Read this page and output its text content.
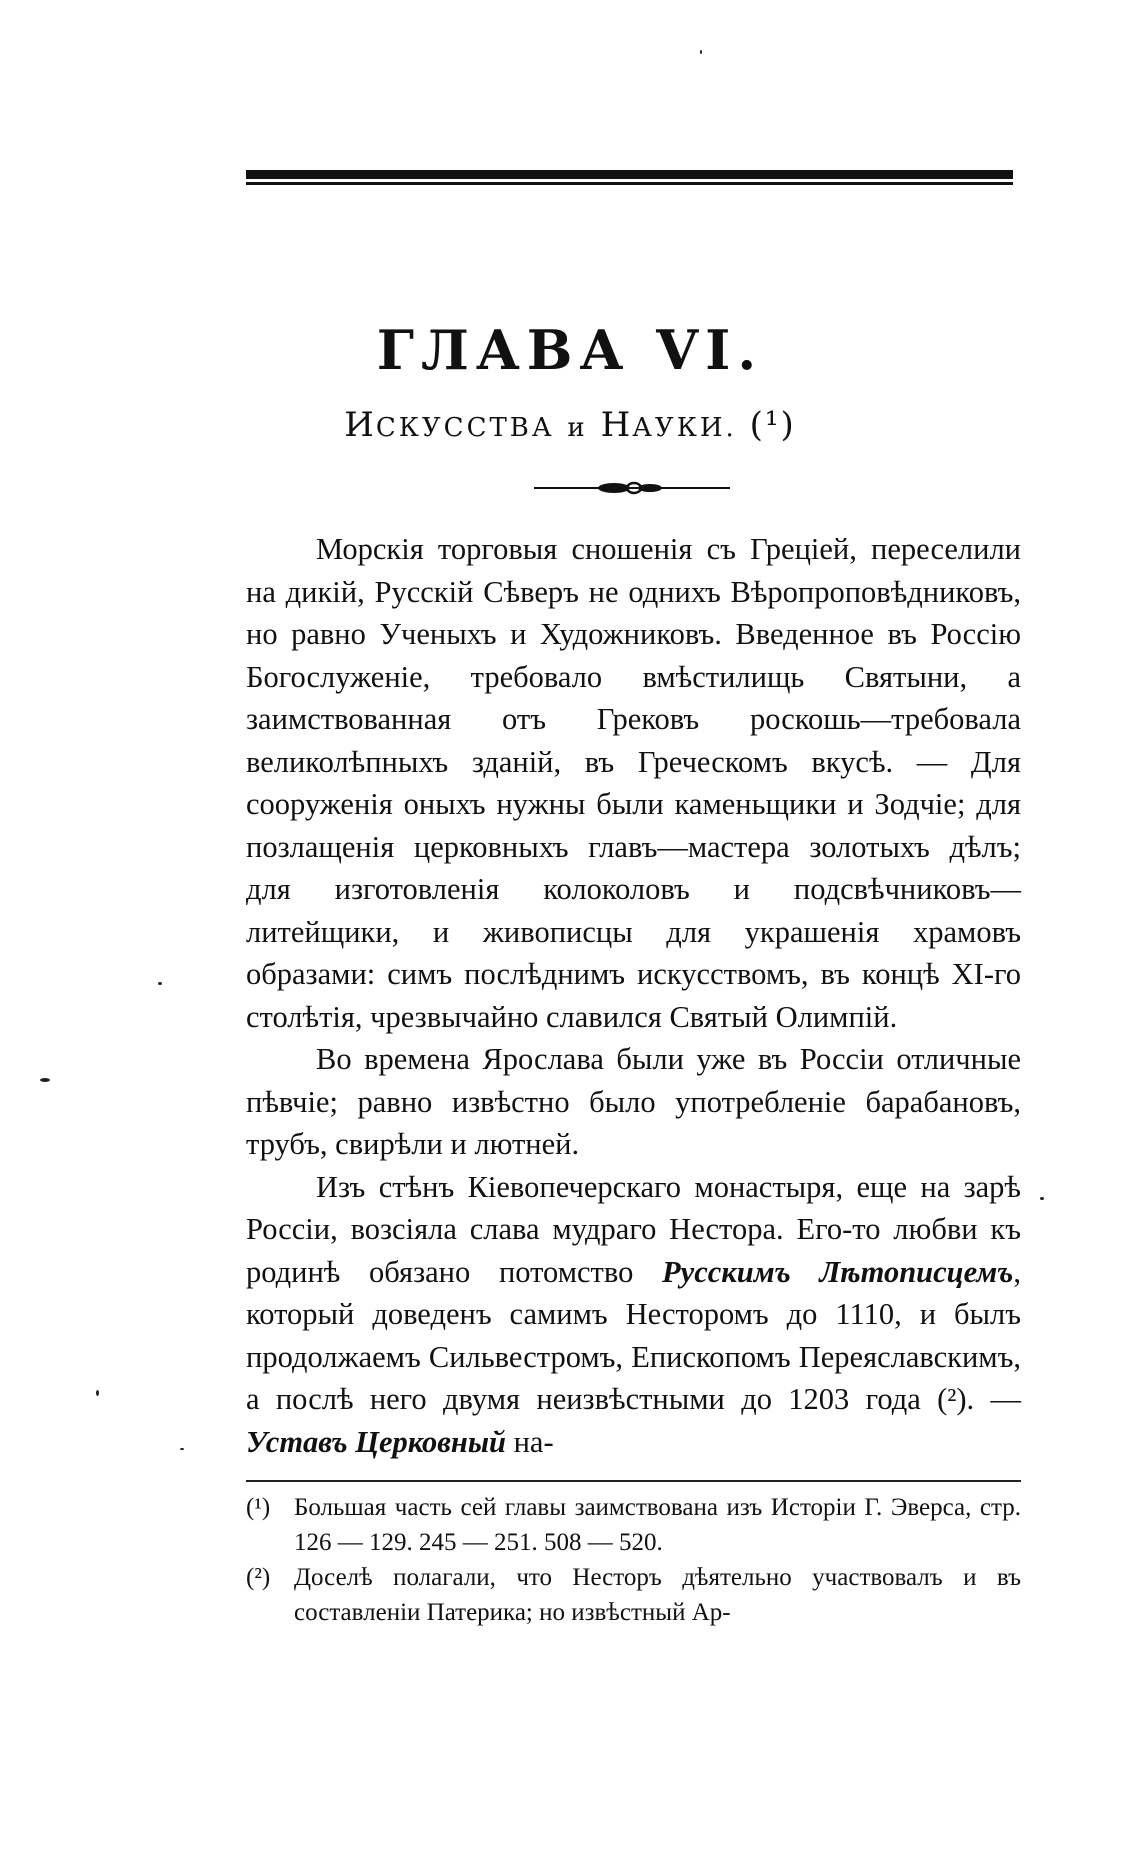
ГЛАВА VI.
ИСКУССТВА и НАУКИ. (¹)

Морскія торговыя сношенія съ Греціей, переселили на дикій, Русскій Сѣверъ не однихъ Вѣропроповѣдниковъ, но равно Ученыхъ и Художниковъ. Введенное въ Россію Богослуженіе, требовало вмѣстилищь Святыни, а заимствованная отъ Грековъ роскошь—требовала великолѣпныхъ зданій, въ Греческомъ вкусѣ. — Для сооруженія оныхъ нужны были каменьщики и Зодчіе; для позлащенія церковныхъ главъ—мастера золотыхъ дѣлъ; для изготовленія колоколовъ и подсвѣчниковъ—литейщики, и живописцы для украшенія храмовъ образами: симъ послѣднимъ искусствомъ, въ концѣ XI-го столѣтія, чрезвычайно славился Святый Олимпій.

Во времена Ярослава были уже въ Россіи отличные пѣвчіе; равно извѣстно было употребленіе барабановъ, трубъ, свирѣли и лютней.

Изъ стѣнъ Кіевопечерскаго монастыря, еще на зарѣ Россіи, возсіяла слава мудраго Нестора. Его-то любви къ родинѣ обязано потомство Русскимъ Лѣтописцемъ, который доведенъ самимъ Несторомъ до 1110, и былъ продолжаемъ Сильвестромъ, Епископомъ Переяславскимъ, а послѣ него двумя неизвѣстными до 1203 года (²). — Уставъ Церковный на-

(¹) Большая часть сей главы заимствована изъ Исторіи Г. Эверса, стр. 126 — 129. 245 — 251. 508 — 520.

(²) Доселѣ полагали, что Несторъ дѣятельно участвовалъ и въ составленіи Патерика; но извѣстный Ар-
